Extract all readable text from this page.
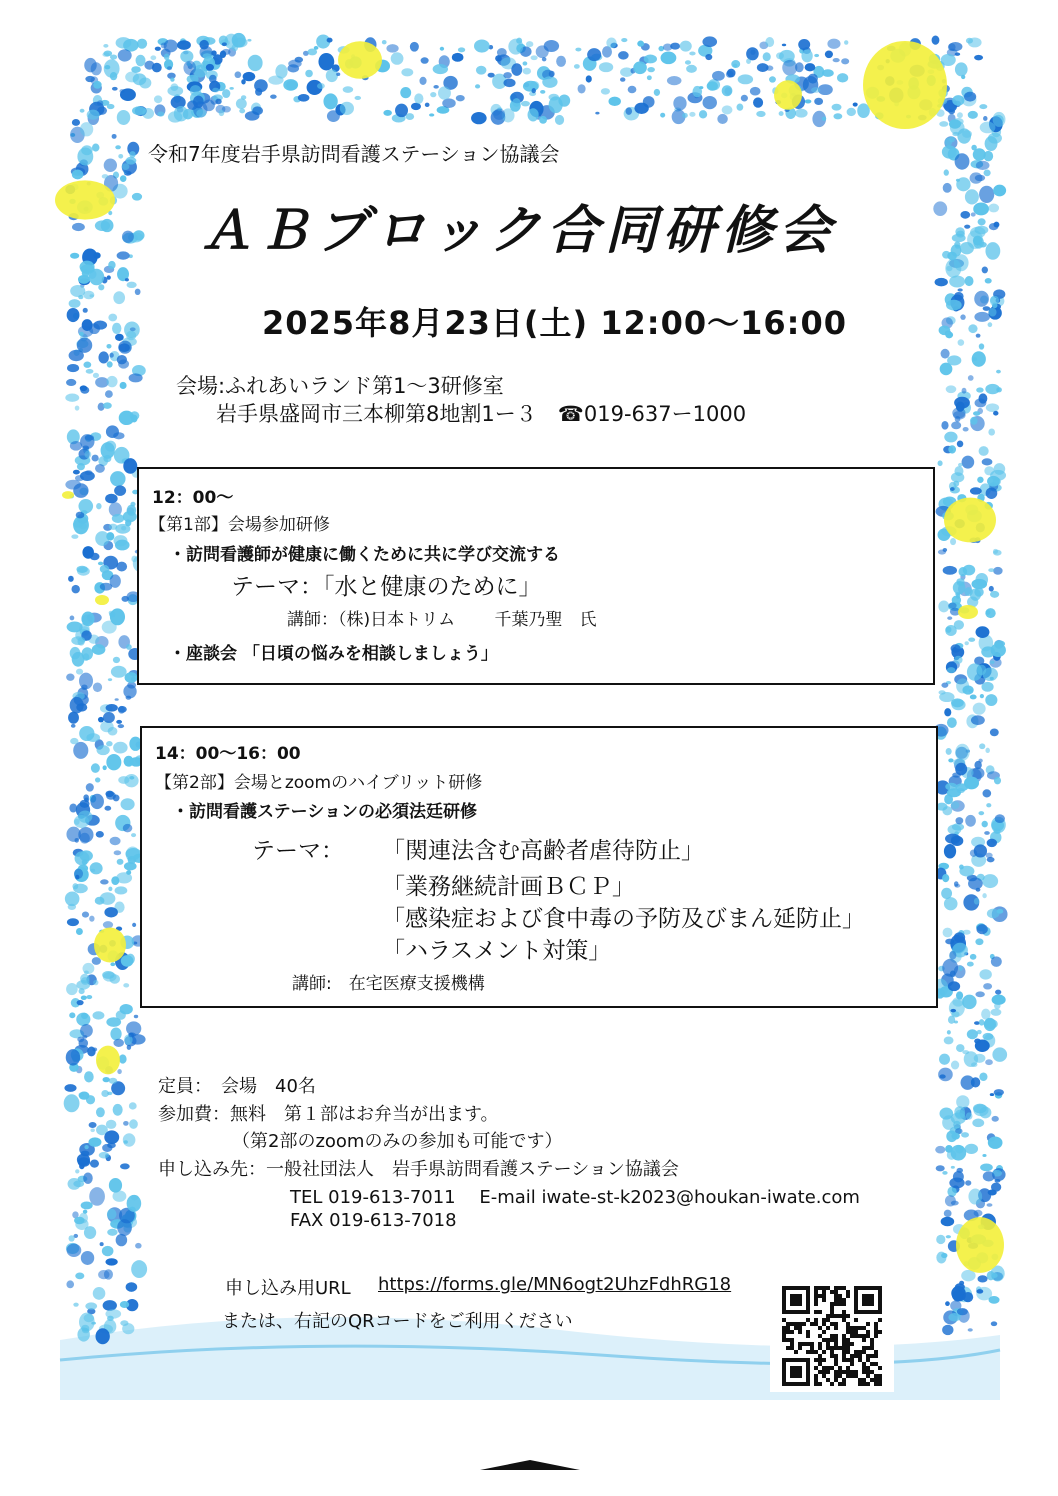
令和7年度岩手県訪問看護ステーション協議会
ＡＢブロック合同研修会
2025年8月23日(土) 12:00～16:00
会場:ふれあいランド第1～3研修室
岩手県盛岡市三本柳第8地割1ー３　☎019-637ー1000
12：00～
【第1部】会場参加研修
・訪問看護師が健康に働くために共に学び交流する
テーマ：「水と健康のために」
講師：（株)日本トリム　　 千葉乃聖　氏
・座談会 「日頃の悩みを相談しましょう」
14：00～16：00
【第2部】会場とzoomのハイブリット研修
・訪問看護ステーションの必須法廷研修
テーマ： 「関連法含む高齢者虐待防止」
「業務継続計画ＢＣＰ」
「感染症および食中毒の予防及びまん延防止」
「ハラスメント対策」
講師:　在宅医療支援機構
定員：　会場　40名
参加費：無料　第１部はお弁当が出ます。
（第2部のzoomのみの参加も可能です）
申し込み先：一般社団法人　岩手県訪問看護ステーション協議会
TEL 019-613-7011　 E-mail iwate-st-k2023@houkan-iwate.com
FAX 019-613-7018
申し込み用URL https://forms.gle/MN6ogt2UhzFdhRG18
または、右記のQRコードをご利用ください
